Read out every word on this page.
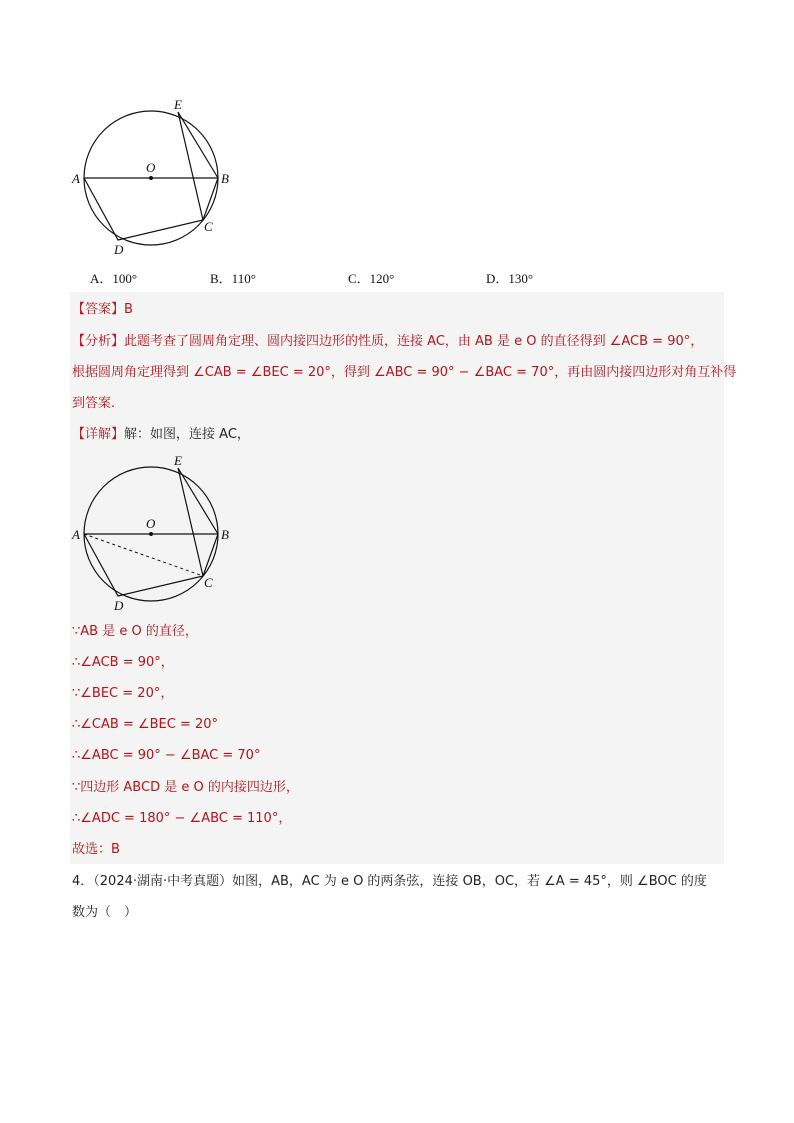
E
O
A	B
C
D
A．100°	B．110°	C．120°	D．130°
【答案】B
【分析】此题考查了圆周角定理、圆内接四边形的性质，连接 AC，由 AB 是 e O 的直径得到 ∠ACB = 90°，
根据圆周角定理得到 ∠CAB = ∠BEC = 20°，得到 ∠ABC = 90° − ∠BAC = 70°，再由圆内接四边形对角互补得
到答案.
【详解】解：如图，连接 AC，
E
O
A	B
C
D
∵AB 是 e O 的直径，
∴∠ACB = 90°，
∵∠BEC = 20°，
∴∠CAB = ∠BEC = 20°
∴∠ABC = 90° − ∠BAC = 70°
∵四边形 ABCD 是 e O 的内接四边形，
∴∠ADC = 180° − ∠ABC = 110°，
故选：B
4．（2024·湖南·中考真题）如图，AB，AC 为 e O 的两条弦，连接 OB，OC，若 ∠A = 45°，则 ∠BOC 的度
数为（　）
